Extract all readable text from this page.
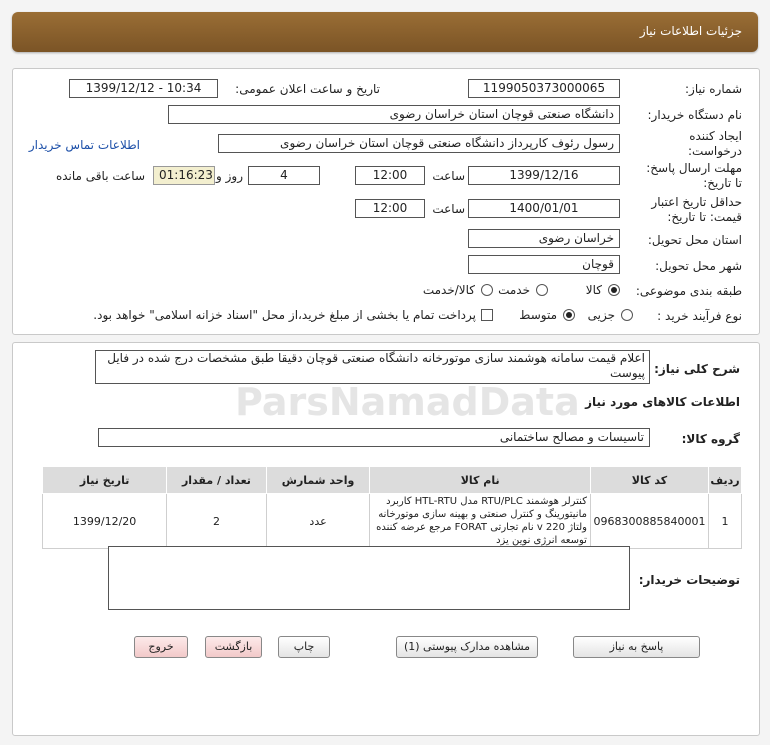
جزئیات اطلاعات نیاز
شماره نیاز:
1199050373000065
تاریخ و ساعت اعلان عمومی:
1399/12/12 - 10:34
نام دستگاه خریدار:
دانشگاه صنعتی قوچان استان خراسان رضوی
ایجاد کننده
درخواست:
رسول رئوف کارپرداز دانشگاه صنعتی قوچان استان خراسان رضوی
اطلاعات تماس خریدار
مهلت ارسال پاسخ:
تا تاریخ:
1399/12/16
ساعت
12:00
4
روز و
01:16:23
ساعت باقی مانده
حداقل تاریخ اعتبار
قیمت: تا تاریخ:
1400/01/01
ساعت
12:00
استان محل تحویل:
خراسان رضوی
شهر محل تحویل:
قوچان
طبقه بندی موضوعی:
کالا
خدمت
کالا/خدمت
نوع فرآیند خرید :
جزیی
متوسط
پرداخت تمام یا بخشی از مبلغ خرید،از محل "اسناد خزانه اسلامی" خواهد بود.
شرح کلی نیاز:
اعلام قیمت سامانه هوشمند سازی موتورخانه دانشگاه صنعتی قوچان دقیقا طبق مشخصات درج شده در فایل پیوست
اطلاعات کالاهای مورد نیاز
گروه کالا:
تاسیسات و مصالح ساختمانی
ردیف	کد کالا	نام کالا	واحد شمارش	تعداد / مقدار	تاریخ نیاز
1	0968300885840001	کنترلر هوشمند RTU/PLC مدل HTL-RTU کاربرد مانیتورینگ و کنترل صنعتی و بهینه سازی موتورخانه ولتاژ 220 v نام تجارتی FORAT مرجع عرضه کننده توسعه انرژی نوین یزد	عدد	2	1399/12/20
توضیحات خریدار:
پاسخ به نیاز
مشاهده مدارک پیوستی (1)
چاپ
بازگشت
خروج
ParsNamadData
